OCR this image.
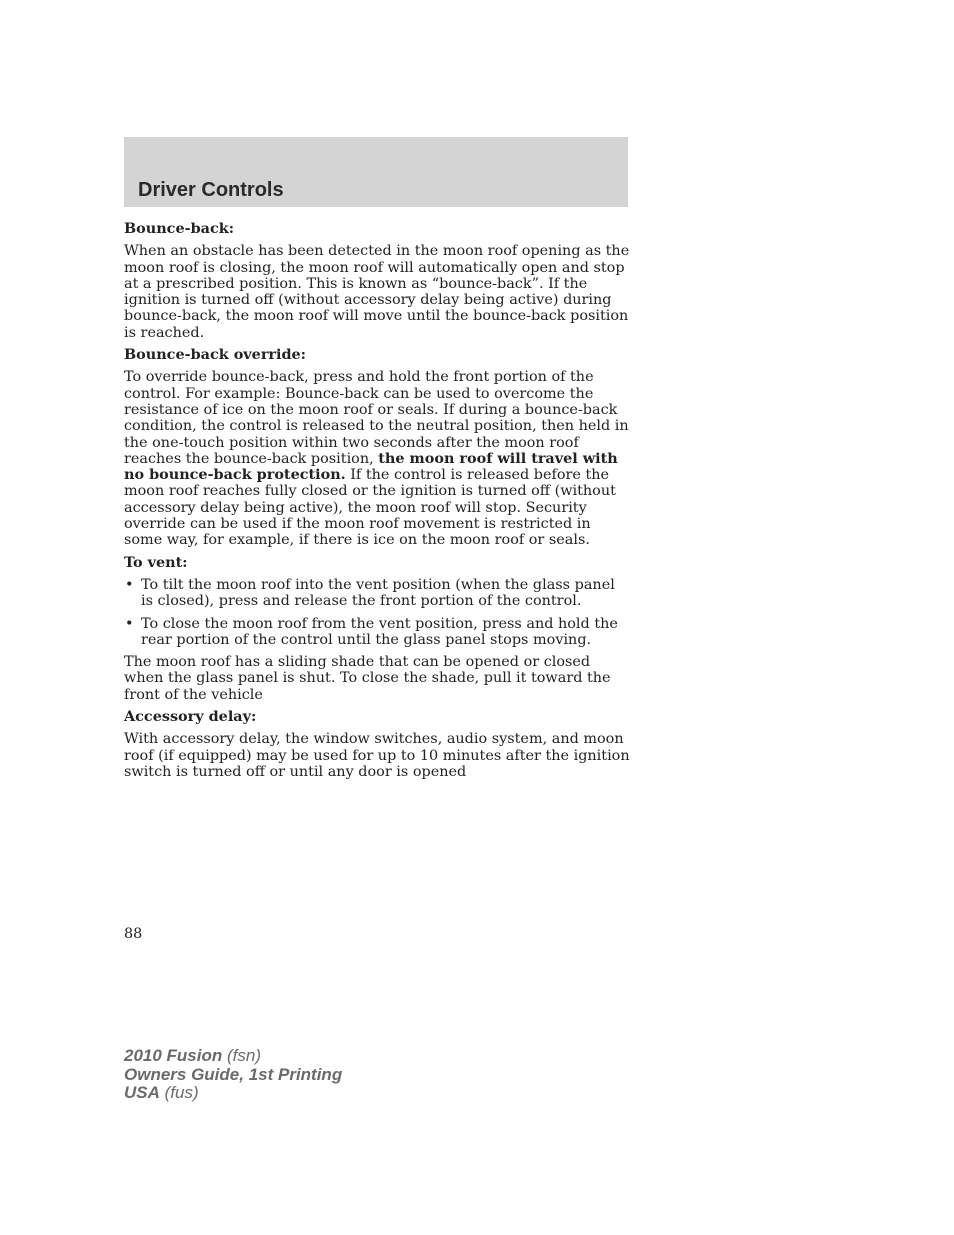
Driver Controls
Bounce-back:

When an obstacle has been detected in the moon roof opening as the moon roof is closing, the moon roof will automatically open and stop at a prescribed position. This is known as “bounce-back”. If the ignition is turned off (without accessory delay being active) during bounce-back, the moon roof will move until the bounce-back position is reached.

Bounce-back override:

To override bounce-back, press and hold the front portion of the control. For example: Bounce-back can be used to overcome the resistance of ice on the moon roof or seals. If during a bounce-back condition, the control is released to the neutral position, then held in the one-touch position within two seconds after the moon roof reaches the bounce-back position, the moon roof will travel with no bounce-back protection. If the control is released before the moon roof reaches fully closed or the ignition is turned off (without accessory delay being active), the moon roof will stop. Security override can be used if the moon roof movement is restricted in some way, for example, if there is ice on the moon roof or seals.

To vent:
• To tilt the moon roof into the vent position (when the glass panel is closed), press and release the front portion of the control.
• To close the moon roof from the vent position, press and hold the rear portion of the control until the glass panel stops moving.

The moon roof has a sliding shade that can be opened or closed when the glass panel is shut. To close the shade, pull it toward the front of the vehicle

Accessory delay:

With accessory delay, the window switches, audio system, and moon roof (if equipped) may be used for up to 10 minutes after the ignition switch is turned off or until any door is opened

88
2010 Fusion (fsn)
Owners Guide, 1st Printing
USA (fus)
